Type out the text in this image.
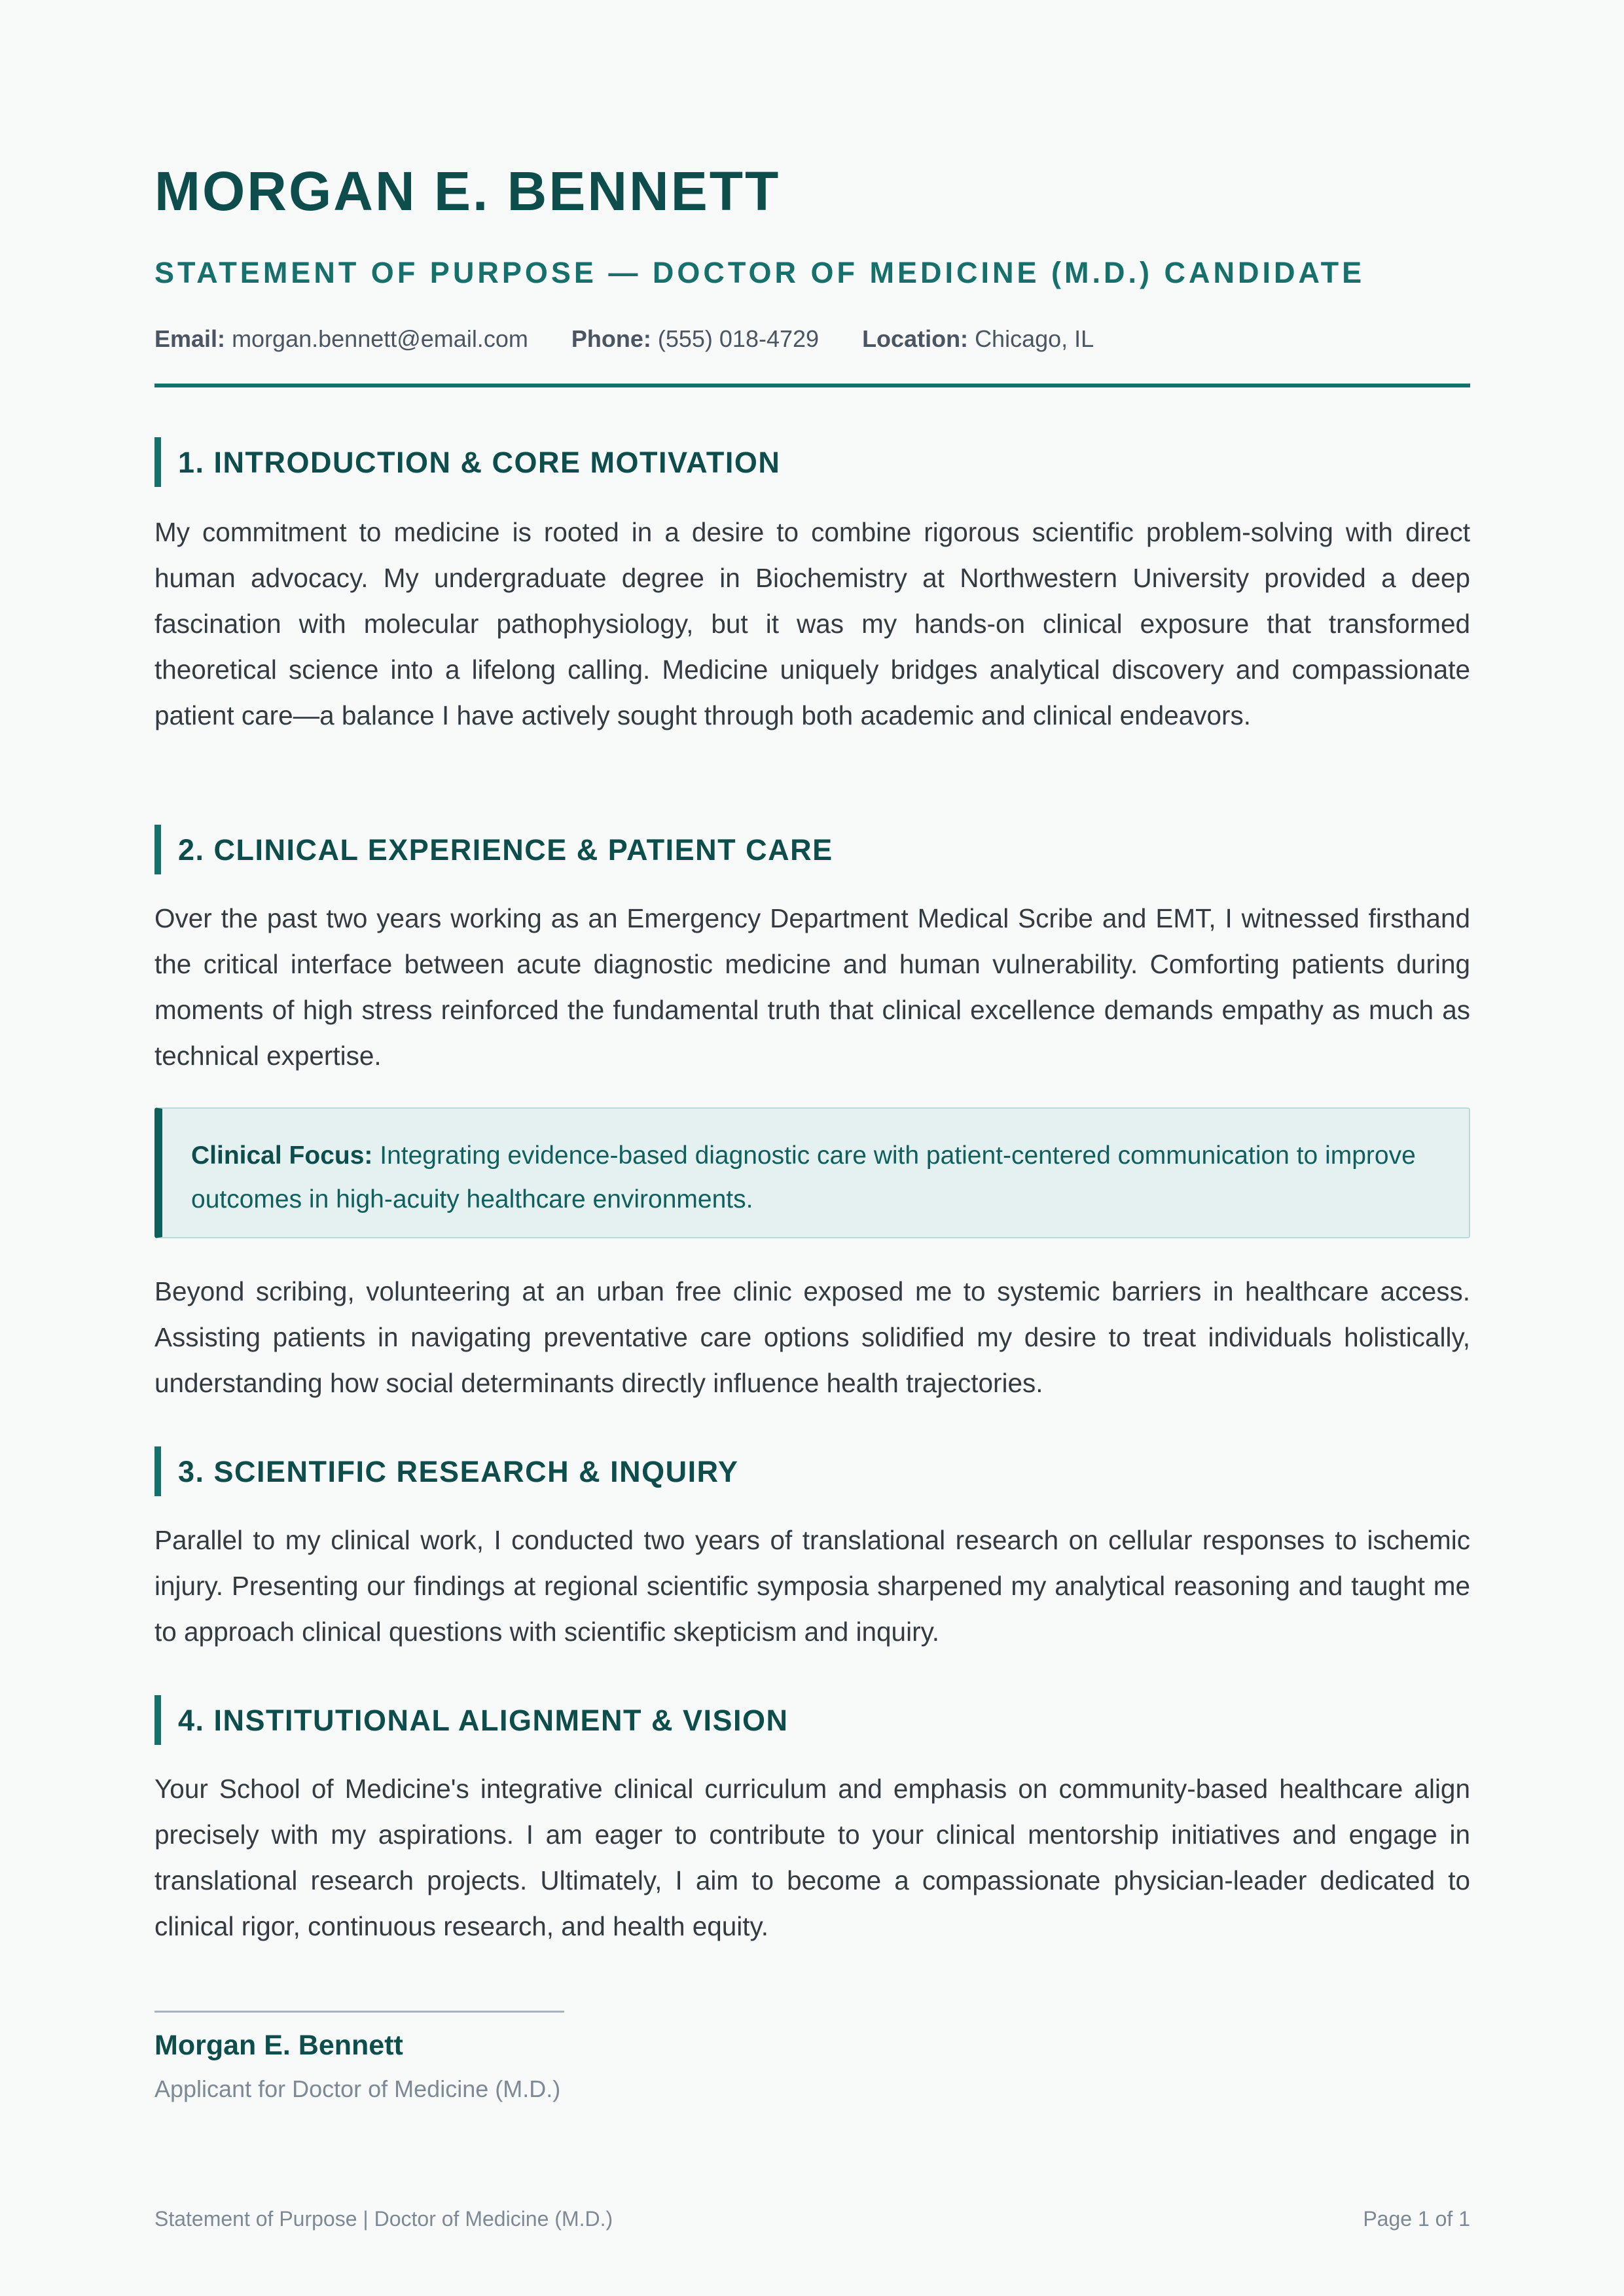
MORGAN E. BENNETT
STATEMENT OF PURPOSE — DOCTOR OF MEDICINE (M.D.) CANDIDATE
Email: morgan.bennett@email.com Phone: (555) 018-4729 Location: Chicago, IL
1. INTRODUCTION & CORE MOTIVATION

My commitment to medicine is rooted in a desire to combine rigorous scientific problem-solving with direct human advocacy. My undergraduate degree in Biochemistry at Northwestern University provided a deep fascination with molecular pathophysiology, but it was my hands-on clinical exposure that transformed theoretical science into a lifelong calling. Medicine uniquely bridges analytical discovery and compassionate patient care—a balance I have actively sought through both academic and clinical endeavors.

2. CLINICAL EXPERIENCE & PATIENT CARE

Over the past two years working as an Emergency Department Medical Scribe and EMT, I witnessed firsthand the critical interface between acute diagnostic medicine and human vulnerability. Comforting patients during moments of high stress reinforced the fundamental truth that clinical excellence demands empathy as much as technical expertise.

Clinical Focus: Integrating evidence-based diagnostic care with patient-centered communication to improve outcomes in high-acuity healthcare environments.

Beyond scribing, volunteering at an urban free clinic exposed me to systemic barriers in healthcare access. Assisting patients in navigating preventative care options solidified my desire to treat individuals holistically, understanding how social determinants directly influence health trajectories.

3. SCIENTIFIC RESEARCH & INQUIRY

Parallel to my clinical work, I conducted two years of translational research on cellular responses to ischemic injury. Presenting our findings at regional scientific symposia sharpened my analytical reasoning and taught me to approach clinical questions with scientific skepticism and inquiry.

4. INSTITUTIONAL ALIGNMENT & VISION

Your School of Medicine's integrative clinical curriculum and emphasis on community-based healthcare align precisely with my aspirations. I am eager to contribute to your clinical mentorship initiatives and engage in translational research projects. Ultimately, I aim to become a compassionate physician-leader dedicated to clinical rigor, continuous research, and health equity.

Morgan E. Bennett
Applicant for Doctor of Medicine (M.D.)
Statement of Purpose | Doctor of Medicine (M.D.)	Page 1 of 1
